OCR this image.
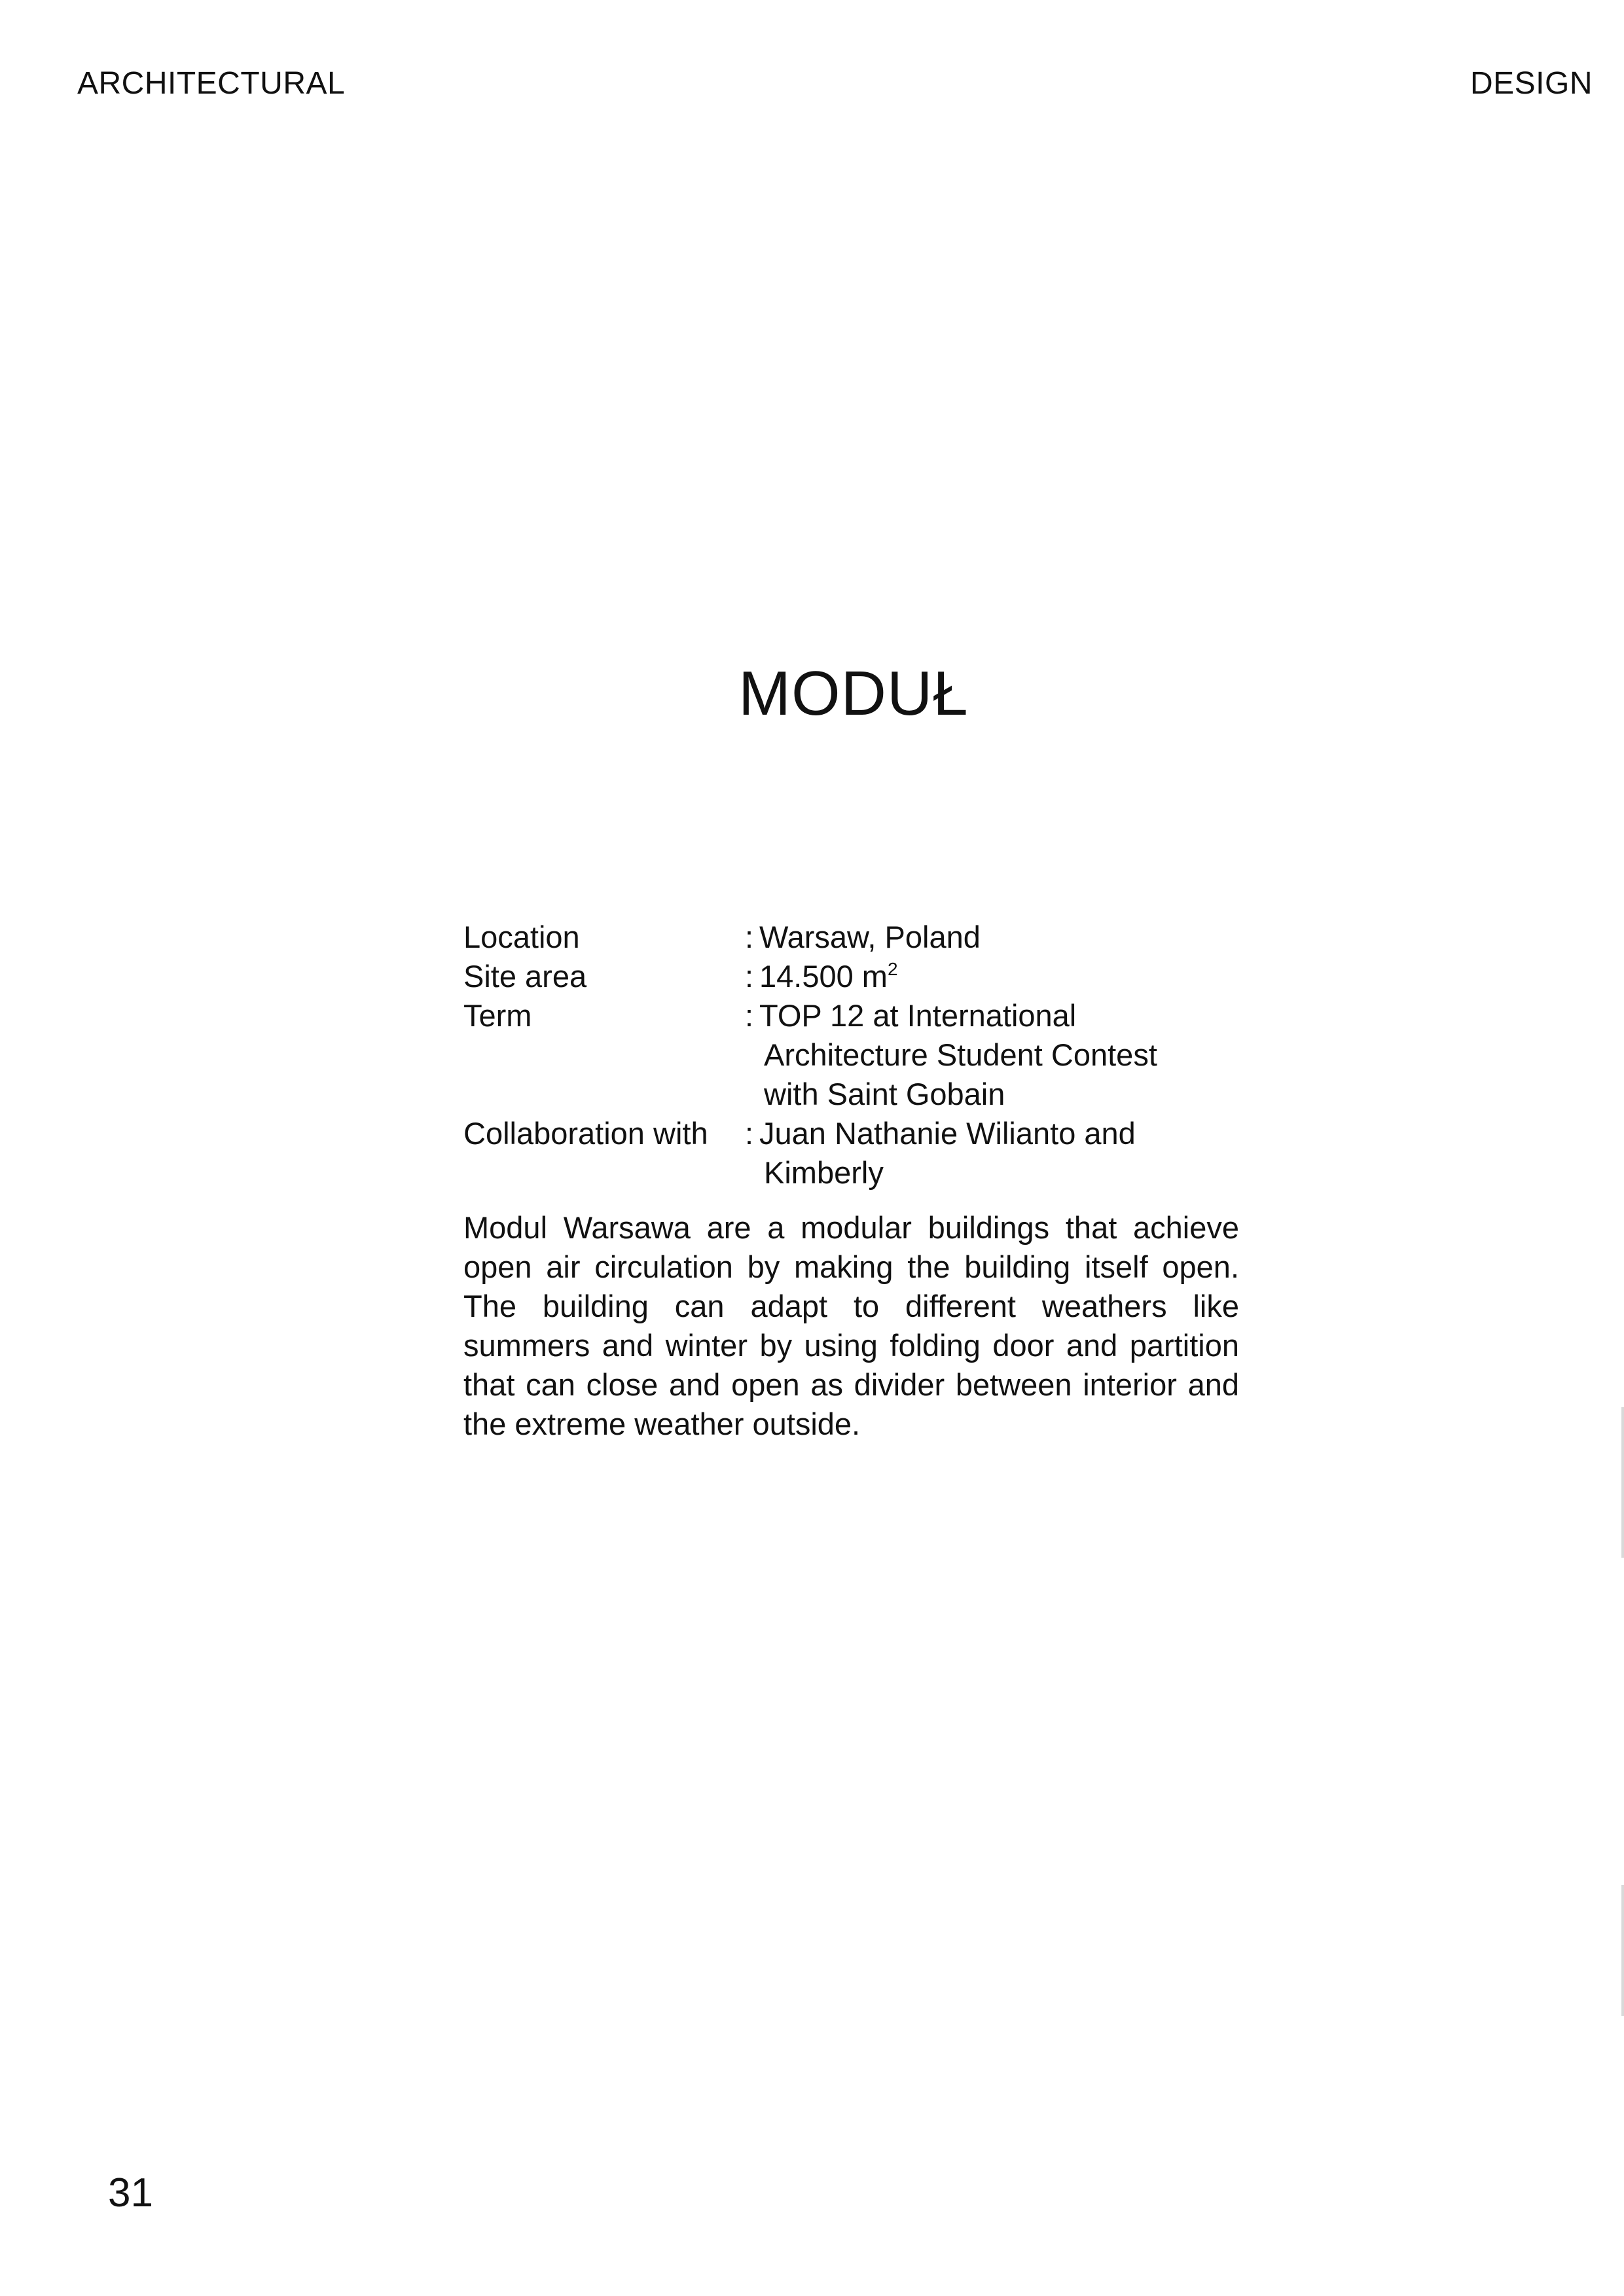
ARCHITECTURAL	DESIGN
MODUŁ
Location	: Warsaw, Poland
Site area	: 14.500 $m^2$
Term	: TOP 12 at International
Architecture Student Contest
with Saint Gobain
Collaboration with	: Juan Nathanie Wilianto and
Kimberly
Modul Warsawa are a modular buildings that achieve open air circulation by making the building itself open. The building can adapt to different weathers like summers and winter by using folding door and partition that can close and open as divider between interior and the extreme weather outside.
31
